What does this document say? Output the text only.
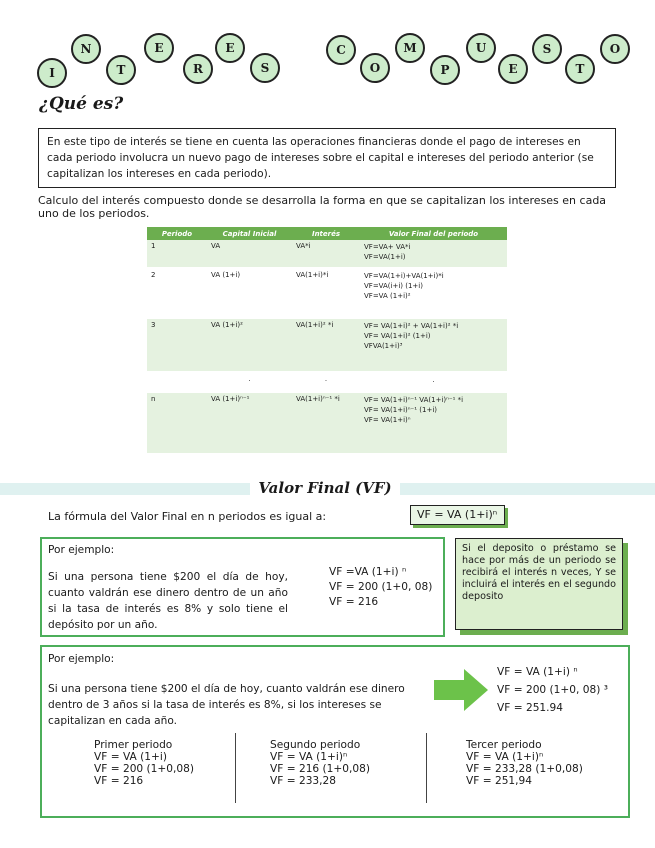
I
N
T
E
R
E
S
C
O
M
P
U
E
S
T
O
¿Qué es?
En este tipo de interés se tiene en cuenta las operaciones financieras donde el pago de intereses en cada periodo involucra un nuevo pago de intereses sobre el capital e intereses del periodo anterior (se capitalizan los intereses en cada periodo).
Calculo del interés compuesto donde se desarrolla la forma en que se capitalizan los intereses en cada uno de los periodos.
Periodo	Capital Inicial	Interés	Valor Final del periodo
1	VA	VA*i	VF=VA+ VA*i
VF=VA(1+i)

2	VA (1+i)	VA(1+i)*i	VF=VA(1+i)+VA(1+i)*i
VF=VA(i+i) (1+i)
VF=VA (1+i)²

3	VA (1+i)²	VA(1+i)² *i	VF= VA(1+i)² + VA(1+i)² *i
VF= VA(1+i)² (1+i)
VFVA(1+i)³

	.	.	.

n	VA (1+i)ⁿ⁻¹	VA(1+i)ⁿ⁻¹ *i	VF= VA(1+i)ⁿ⁻¹ VA(1+i)ⁿ⁻¹ *i
VF= VA(1+i)ⁿ⁻¹ (1+i)
VF= VA(1+i)ⁿ
Valor Final (VF)
La fórmula del Valor Final en n periodos es igual a:	VF = VA (1+i)ⁿ
Por ejemplo:
Si una persona tiene $200 el día de hoy, cuanto valdrán ese dinero dentro de un año si la tasa de interés es 8% y solo tiene el depósito por un año.
VF =VA (1+i) ⁿ
VF = 200 (1+0, 08)
VF = 216
Si el deposito o préstamo se hace por más de un periodo se recibirá el interés n veces, Y se incluirá el interés en el segundo deposito
Por ejemplo:
Si una persona tiene $200 el día de hoy, cuanto valdrán ese dinero dentro de 3 años si la tasa de interés es 8%, si los intereses se capitalizan en cada año.
VF = VA (1+i) ⁿ
VF = 200 (1+0, 08) ³
VF = 251.94
Primer periodo
VF = VA (1+i)
VF = 200 (1+0,08)
VF = 216
Segundo periodo
VF = VA (1+i)ⁿ
VF = 216 (1+0,08)
VF = 233,28
Tercer periodo
VF = VA (1+i)ⁿ
VF = 233,28 (1+0,08)
VF = 251,94
